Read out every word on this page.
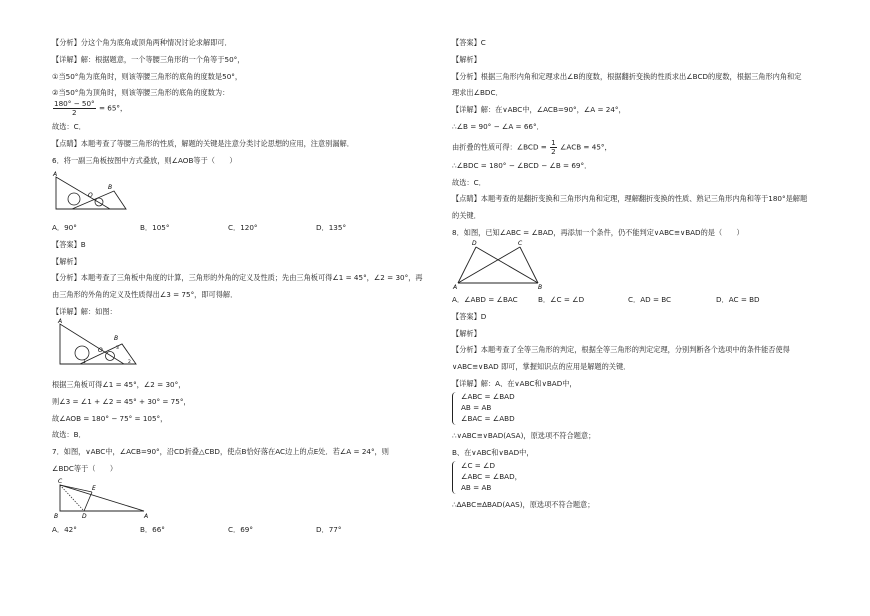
【分析】分这个角为底角或顶角两种情况讨论求解即可．
【详解】解：根据题意，一个等腰三角形的一个角等于50°，
①当50°角为底角时，则该等腰三角形的底角的度数是50°，
②当50°角为顶角时，则该等腰三角形的底角的度数为：
$\frac{180^\circ - 50^\circ}{2} = 65^\circ$，
故选：C．
【点睛】本题考查了等腰三角形的性质，解题的关键是注意分类讨论思想的应用，注意别漏解．
6．将一副三角板按图中方式叠放，则∠AOB等于（　　）
A
B
O
A．90°	B．105°	C．120°	D．135°
【答案】B
【解析】
【分析】本题考查了三角板中角度的计算，三角形的外角的定义及性质；先由三角板可得∠1 = 45°，∠2 = 30°，再
由三角形的外角的定义及性质得出∠3 = 75°，即可得解．
【详解】解：如图：
A
B
O
1	2
3
根据三角板可得∠1 = 45°，∠2 = 30°，
则∠3 = ∠1 + ∠2 = 45° + 30° = 75°，
故∠AOB = 180° − 75° = 105°，
故选：B．
7．如图，∨ABC中，∠ACB=90°，沿CD折叠△CBD，使点B恰好落在AC边上的点E处．若∠A = 24°，则
∠BDC等于（　　）
C
E
B	D	A
A．42°	B．66°	C．69°	D．77°
【答案】C
【解析】
【分析】根据三角形内角和定理求出∠B的度数，根据翻折变换的性质求出∠BCD的度数，根据三角形内角和定
理求出∠BDC．
【详解】解：在∨ABC中，∠ACB=90°，∠A = 24°，
∴∠B = 90° − ∠A = 66°．
由折叠的性质可得：∠BCD = $\frac{1}{2}$ ∠ACB = 45°，
∴∠BDC = 180° − ∠BCD − ∠B = 69°．
故选：C．
【点睛】本题考查的是翻折变换和三角形内角和定理，理解翻折变换的性质、熟记三角形内角和等于180°是解题
的关键．
8．如图，已知∠ABC = ∠BAD，再添加一个条件，仍不能判定∨ABC≌∨BAD的是（　　）
D	C
A	B
A．∠ABD = ∠BAC	B．∠C = ∠D	C．AD = BC	D．AC = BD
【答案】D
【解析】
【分析】本题考查了全等三角形的判定，根据全等三角形的判定定理，分别判断各个选项中的条件能否使得
∨ABC≌∨BAD 即可，掌握知识点的应用是解题的关键．
【详解】解：A、在∨ABC和∨BAD中，
∠ABC = ∠BAD
AB = AB
∠BAC = ∠ABD
∴∨ABC≌∨BAD(ASA)，原选项不符合题意；
B、在∨ABC和∨BAD中，
∠C = ∠D
∠ABC = ∠BAD，
AB = AB
∴∆ABC≌∆BAD(AAS)，原选项不符合题意；
